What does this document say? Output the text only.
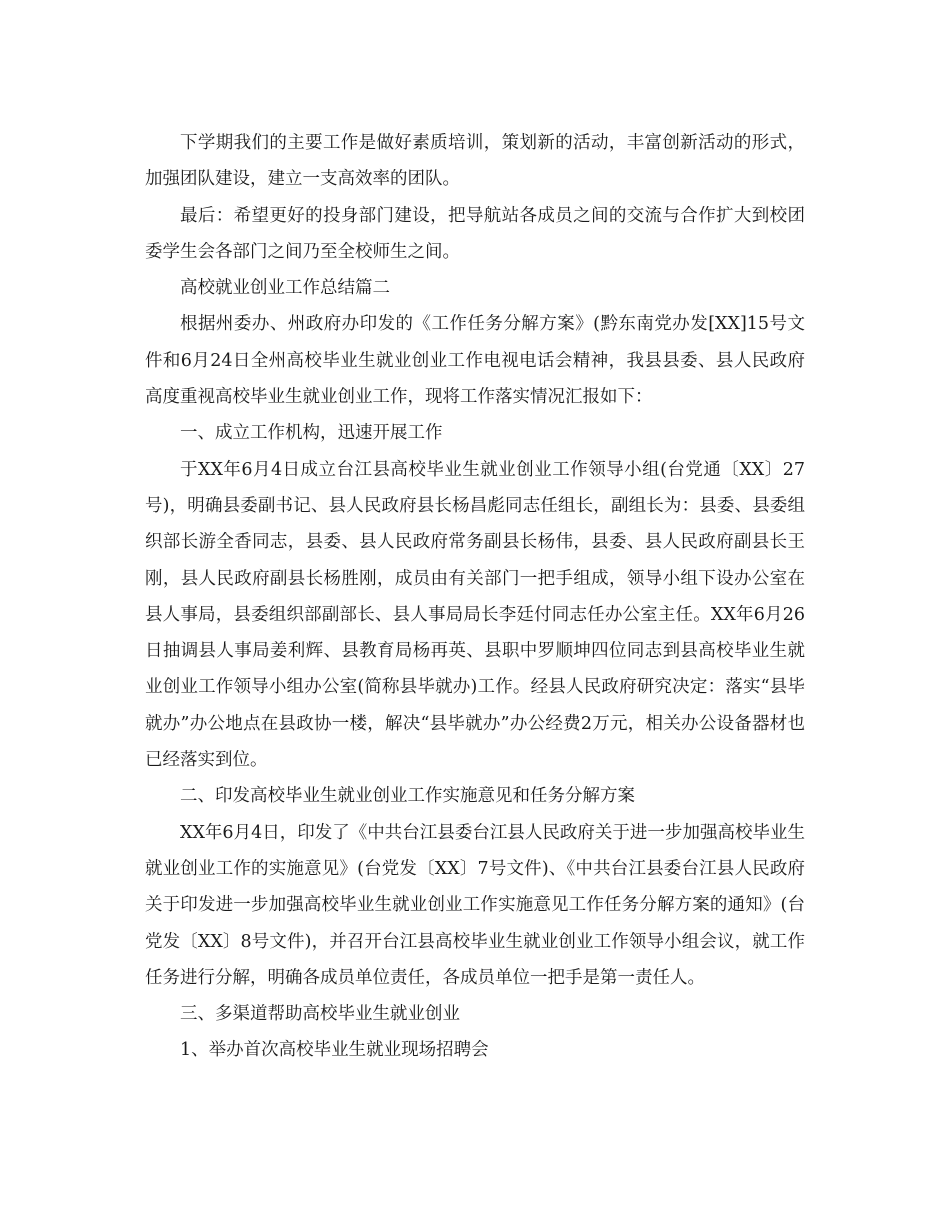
下学期我们的主要工作是做好素质培训，策划新的活动，丰富创新活动的形式，加强团队建设，建立一支高效率的团队。

最后：希望更好的投身部门建设，把导航站各成员之间的交流与合作扩大到校团委学生会各部门之间乃至全校师生之间。

高校就业创业工作总结篇二

根据州委办、州政府办印发的《工作任务分解方案》(黔东南党办发[XX]15号文件和6月24日全州高校毕业生就业创业工作电视电话会精神，我县县委、县人民政府高度重视高校毕业生就业创业工作，现将工作落实情况汇报如下：

一、成立工作机构，迅速开展工作

于XX年6月4日成立台江县高校毕业生就业创业工作领导小组(台党通〔XX〕27号)，明确县委副书记、县人民政府县长杨昌彪同志任组长，副组长为：县委、县委组织部长游全香同志，县委、县人民政府常务副县长杨伟，县委、县人民政府副县长王刚，县人民政府副县长杨胜刚，成员由有关部门一把手组成，领导小组下设办公室在县人事局，县委组织部副部长、县人事局局长李廷付同志任办公室主任。XX年6月26日抽调县人事局姜利辉、县教育局杨再英、县职中罗顺坤四位同志到县高校毕业生就业创业工作领导小组办公室(简称县毕就办)工作。经县人民政府研究决定：落实“县毕就办”办公地点在县政协一楼，解决“县毕就办”办公经费2万元，相关办公设备器材也已经落实到位。

二、印发高校毕业生就业创业工作实施意见和任务分解方案

XX年6月4日，印发了《中共台江县委台江县人民政府关于进一步加强高校毕业生就业创业工作的实施意见》(台党发〔XX〕7号文件)、《中共台江县委台江县人民政府关于印发进一步加强高校毕业生就业创业工作实施意见工作任务分解方案的通知》(台党发〔XX〕8号文件)，并召开台江县高校毕业生就业创业工作领导小组会议，就工作任务进行分解，明确各成员单位责任，各成员单位一把手是第一责任人。

三、多渠道帮助高校毕业生就业创业

1、举办首次高校毕业生就业现场招聘会
